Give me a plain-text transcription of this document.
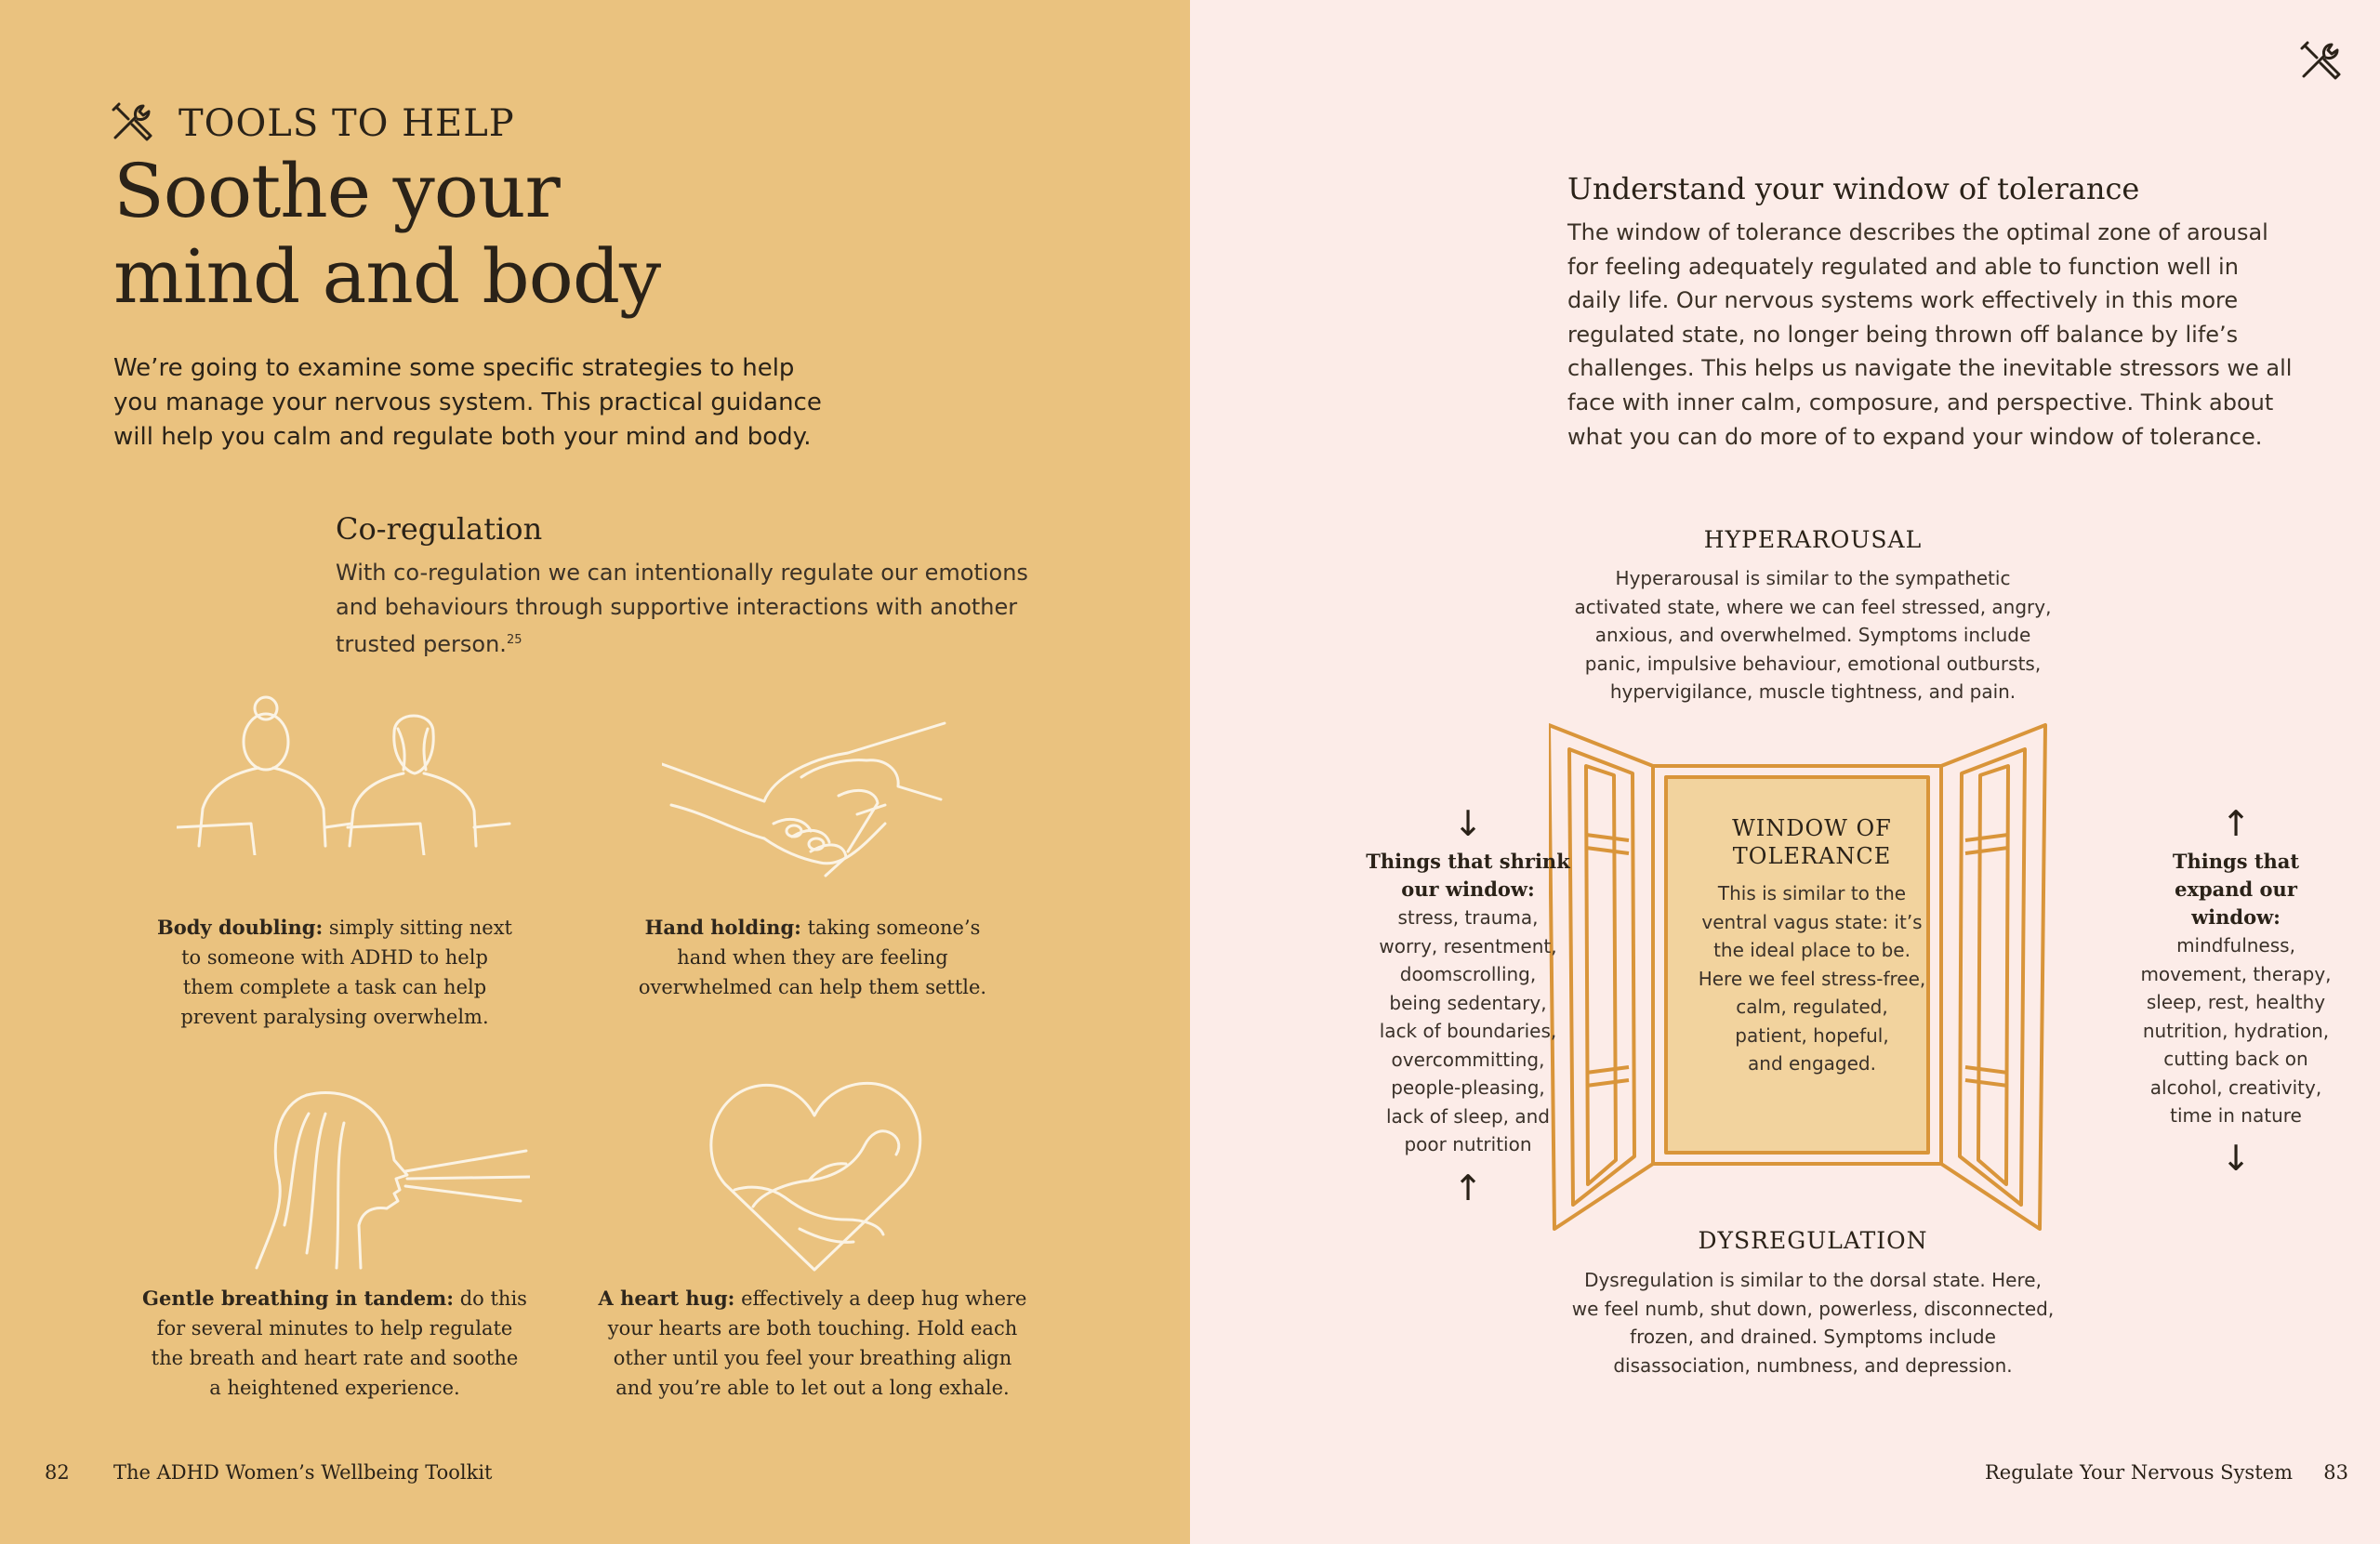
TOOLS TO HELP
Soothe your
mind and body
We’re going to examine some specific strategies to help
you manage your nervous system. This practical guidance
will help you calm and regulate both your mind and body.
Co-regulation
With co-regulation we can intentionally regulate our emotions
and behaviours through supportive interactions with another
trusted person.$^{25}$
Body doubling: simply sitting next
to someone with ADHD to help
them complete a task can help
prevent paralysing overwhelm.
Hand holding: taking someone’s
hand when they are feeling
overwhelmed can help them settle.
Gentle breathing in tandem: do this
for several minutes to help regulate
the breath and heart rate and soothe
a heightened experience.
A heart hug: effectively a deep hug where
your hearts are both touching. Hold each
other until you feel your breathing align
and you’re able to let out a long exhale.
82 The ADHD Women’s Wellbeing Toolkit
Understand your window of tolerance
The window of tolerance describes the optimal zone of arousal
for feeling adequately regulated and able to function well in
daily life. Our nervous systems work effectively in this more
regulated state, no longer being thrown off balance by life’s
challenges. This helps us navigate the inevitable stressors we all
face with inner calm, composure, and perspective. Think about
what you can do more of to expand your window of tolerance.
HYPERAROUSAL
Hyperarousal is similar to the sympathetic
activated state, where we can feel stressed, angry,
anxious, and overwhelmed. Symptoms include
panic, impulsive behaviour, emotional outbursts,
hypervigilance, muscle tightness, and pain.
WINDOW OF
TOLERANCE
This is similar to the
ventral vagus state: it’s
the ideal place to be.
Here we feel stress-free,
calm, regulated,
patient, hopeful,
and engaged.
↓
Things that shrink
our window:
stress, trauma,
worry, resentment,
doomscrolling,
being sedentary,
lack of boundaries,
overcommitting,
people-pleasing,
lack of sleep, and
poor nutrition
↑
↑
Things that
expand our
window:
mindfulness,
movement, therapy,
sleep, rest, healthy
nutrition, hydration,
cutting back on
alcohol, creativity,
time in nature
↓
DYSREGULATION
Dysregulation is similar to the dorsal state. Here,
we feel numb, shut down, powerless, disconnected,
frozen, and drained. Symptoms include
disassociation, numbness, and depression.
Regulate Your Nervous System 83
